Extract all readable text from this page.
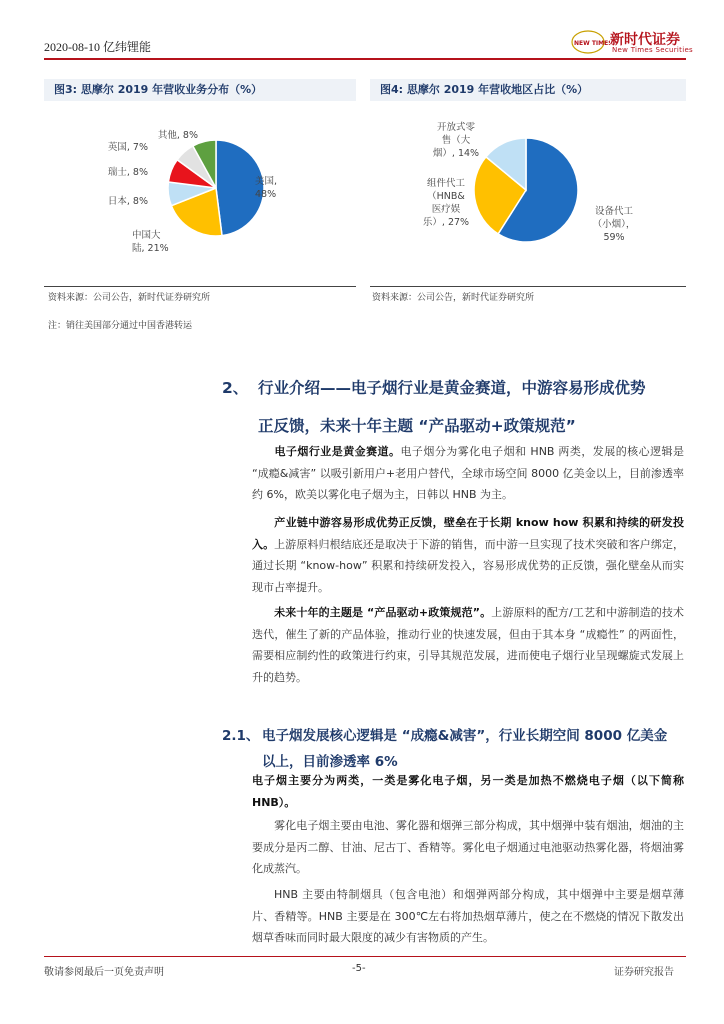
2020-08-10 亿纬锂能	NEW TIMES
新时代证券
New Times Securities
图3: 思摩尔 2019 年营收业务分布（%）
美国, 48%
中国大陆, 21%
日本, 8%
瑞士, 8%
英国, 7%
其他, 8%
资料来源：公司公告，新时代证券研究所
注：销往美国部分通过中国香港转运
图4: 思摩尔 2019 年营收地区占比（%）
设备代工（小烟）， 59%
组件代工（HNB&医疗娱乐）, 27%
开放式零售（大烟）, 14%
资料来源：公司公告，新时代证券研究所
2、 行业介绍——电子烟行业是黄金赛道，中游容易形成优势
正反馈，未来十年主题 “产品驱动+政策规范”
电子烟行业是黄金赛道。电子烟分为雾化电子烟和 HNB 两类，发展的核心逻辑是 “成瘾&减害” 以吸引新用户+老用户替代，全球市场空间 8000 亿美金以上，目前渗透率约 6%，欧美以雾化电子烟为主，日韩以 HNB 为主。
产业链中游容易形成优势正反馈，壁垒在于长期 know how 积累和持续的研发投入。上游原料归根结底还是取决于下游的销售，而中游一旦实现了技术突破和客户绑定，通过长期 “know-how” 积累和持续研发投入，容易形成优势的正反馈，强化壁垒从而实现市占率提升。
未来十年的主题是 “产品驱动+政策规范”。上游原料的配方/工艺和中游制造的技术迭代，催生了新的产品体验，推动行业的快速发展，但由于其本身 “成瘾性” 的两面性，需要相应制约性的政策进行约束，引导其规范发展，进而使电子烟行业呈现螺旋式发展上升的趋势。
2.1、 电子烟发展核心逻辑是 “成瘾&减害”，行业长期空间 8000 亿美金
以上，目前渗透率 6%
电子烟主要分为两类，一类是雾化电子烟，另一类是加热不燃烧电子烟（以下简称 HNB）。
雾化电子烟主要由电池、雾化器和烟弹三部分构成，其中烟弹中装有烟油，烟油的主要成分是丙二醇、甘油、尼古丁、香精等。雾化电子烟通过电池驱动热雾化器，将烟油雾化成蒸汽。
HNB 主要由特制烟具（包含电池）和烟弹两部分构成，其中烟弹中主要是烟草薄片、香精等。HNB 主要是在 300℃左右将加热烟草薄片，使之在不燃烧的情况下散发出烟草香味而同时最大限度的减少有害物质的产生。
敬请参阅最后一页免责声明	-5-	证券研究报告
